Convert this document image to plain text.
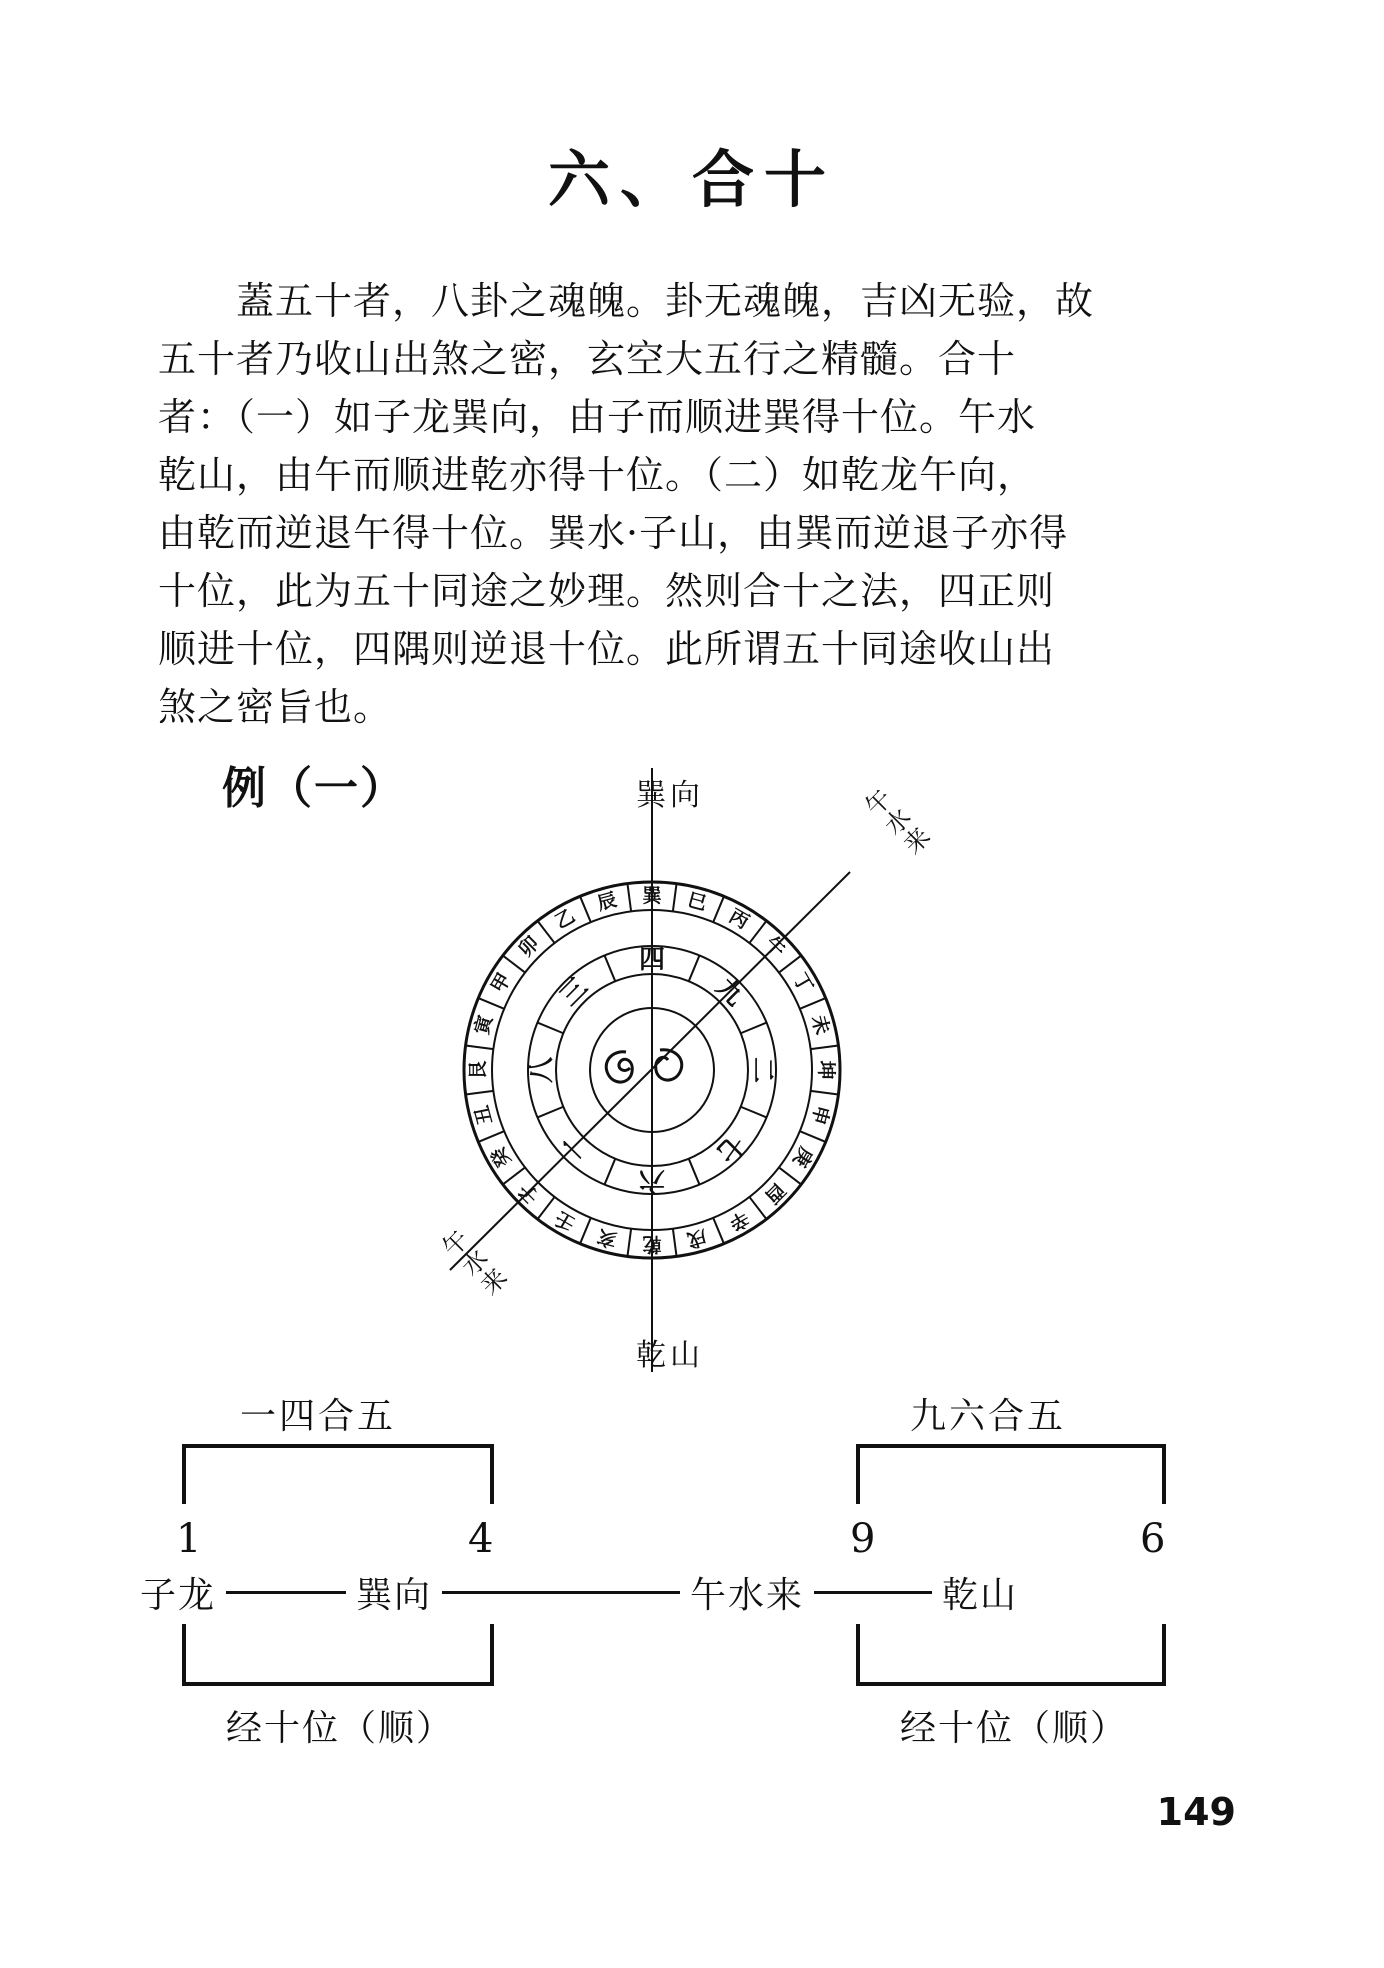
六、合十
　　蓋五十者，八卦之魂魄。卦无魂魄，吉凶无验，故
五十者乃收山出煞之密，玄空大五行之精髓。合十
者：（一）如子龙巽向，由子而顺进巽得十位。午水
乾山，由午而顺进乾亦得十位。（二）如乾龙午向，
由乾而逆退午得十位。巽水·子山，由巽而逆退子亦得
十位，此为五十同途之妙理。然则合十之法，四正则
顺进十位，四隅则逆退十位。此所谓五十同途收山出
煞之密旨也。
例（一）
巽 巳
丙
午
丁
未
坤
申
庚
酉
辛
戌
乾
亥
壬
子
癸
丑
艮
寅
甲
卯
乙
辰
四
九
二
七
六
一
八
三
巽向
乾山
午水来
午水来
一四合五	九六合五
1	4	9	6
子龙	巽向	午水来	乾山
经十位（顺）	经十位（顺）
149
